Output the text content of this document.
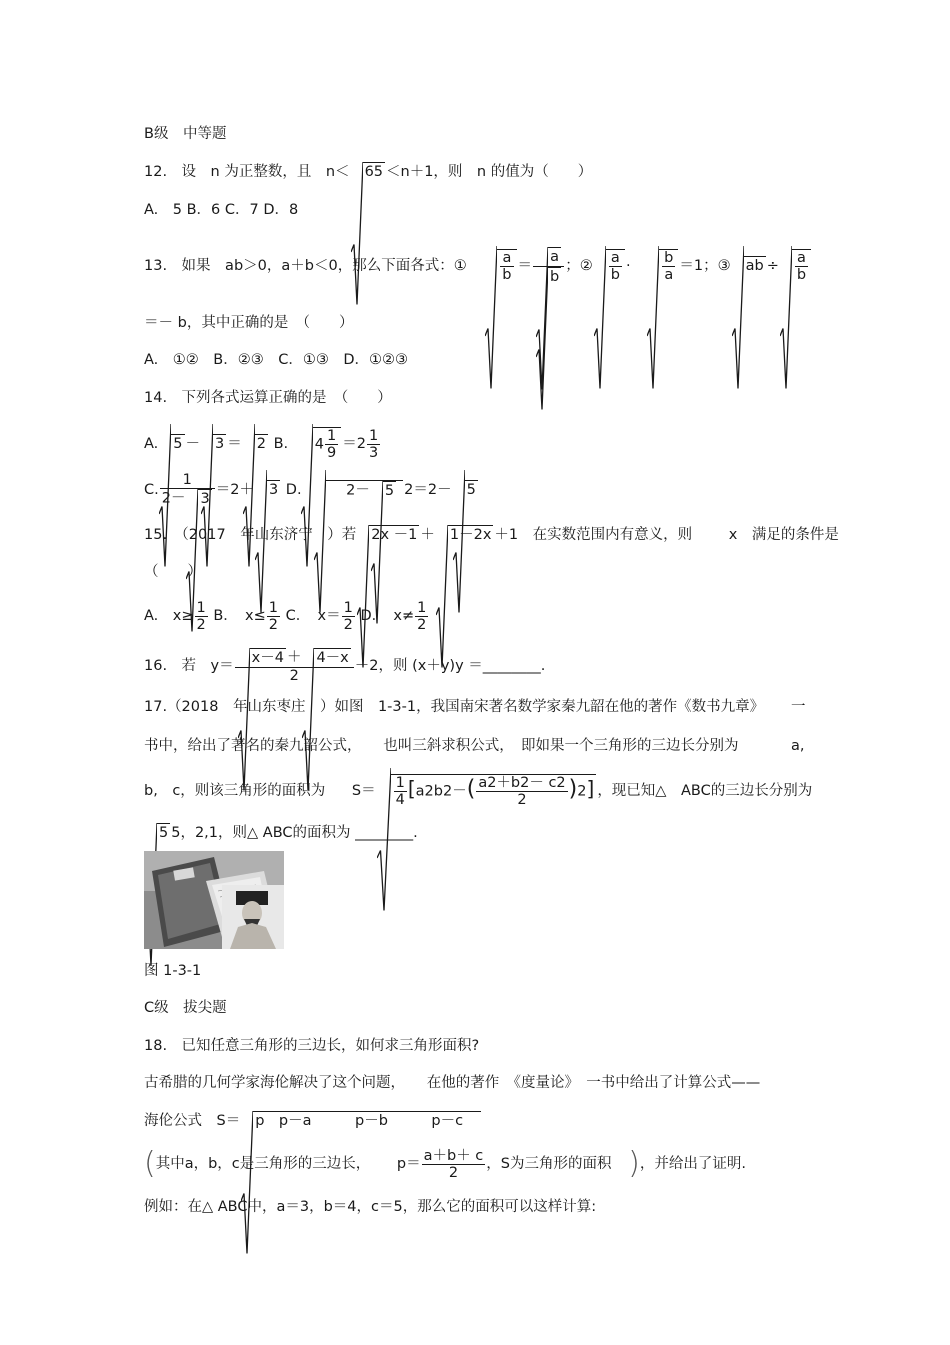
B级　中等题
12.　设　n 为正整数，且　n＜ 65 ＜n＋1，则　n 的值为（　　）
A.　5 B．6 C．7 D．8
13.　如果　ab＞0，a＋b＜0，那么下面各式：① $\frac{a}{b} = \frac{a}{b}$ ；② $\frac{a}{b} \cdot \frac{b}{a} =1$；③ ab ÷ $\frac{a}{b}$
＝－ b，其中正确的是　（　　）
A.　①②　B．②③　C．①③　D．①②③
14.　下列各式运算正确的是　（　　）
A. 5 － 3 ＝ 2 B. $4 \frac{1}{9} =2 \frac{1}{3}$
C. $\frac{1}{2- 3} =2+ 3$ D.	2－ 5 2＝2－ 5
15.　（2017　年山东济宁　）若 2x －1 ＋ 1－2x ＋1　在实数范围内有意义，则	x　满足的条件是
（　　）
A.　$x\ge \frac{1}{2}$ B．　$x\le \frac{1}{2}$ C．　$x= \frac{1}{2}$ D．　$x\ne \frac{1}{2}$
16.　若　$y= \frac{x-4 + 4-x}{2} -2$，则 (x＋y)y ＝________.
17.（2018　年山东枣庄　）如图　1-3-1，我国南宋著名数学家秦九韶在他的著作《数书九章》 一
书中，给出了著名的秦九韶公式，　　也叫三斜求积公式，　即如果一个三角形的三边长分别为	a,
b,　c，则该三角形的面积为 $S= \frac{1}{4} [a2b2-( \frac{a2+b2- c2}{2} )2]$ ，现已知△　ABC的三边长分别为
5 5，2,1，则△ ABC的面积为 ________.
图 1-3-1
C级　拔尖题
18.　已知任意三角形的三边长，如何求三角形面积?
古希腊的几何学家海伦解决了这个问题，　　在他的著作　《度量论》　一书中给出了计算公式——
海伦公式　S＝ p　p－a　　　p－b　　　p－c
(其中a，b，c是三角形的三边长， $p= \frac{a+b+ c}{2}$ ，S为三角形的面积 )，并给出了证明.
例如：在△ ABC中，a＝3，b＝4，c＝5，那么它的面积可以这样计算:
